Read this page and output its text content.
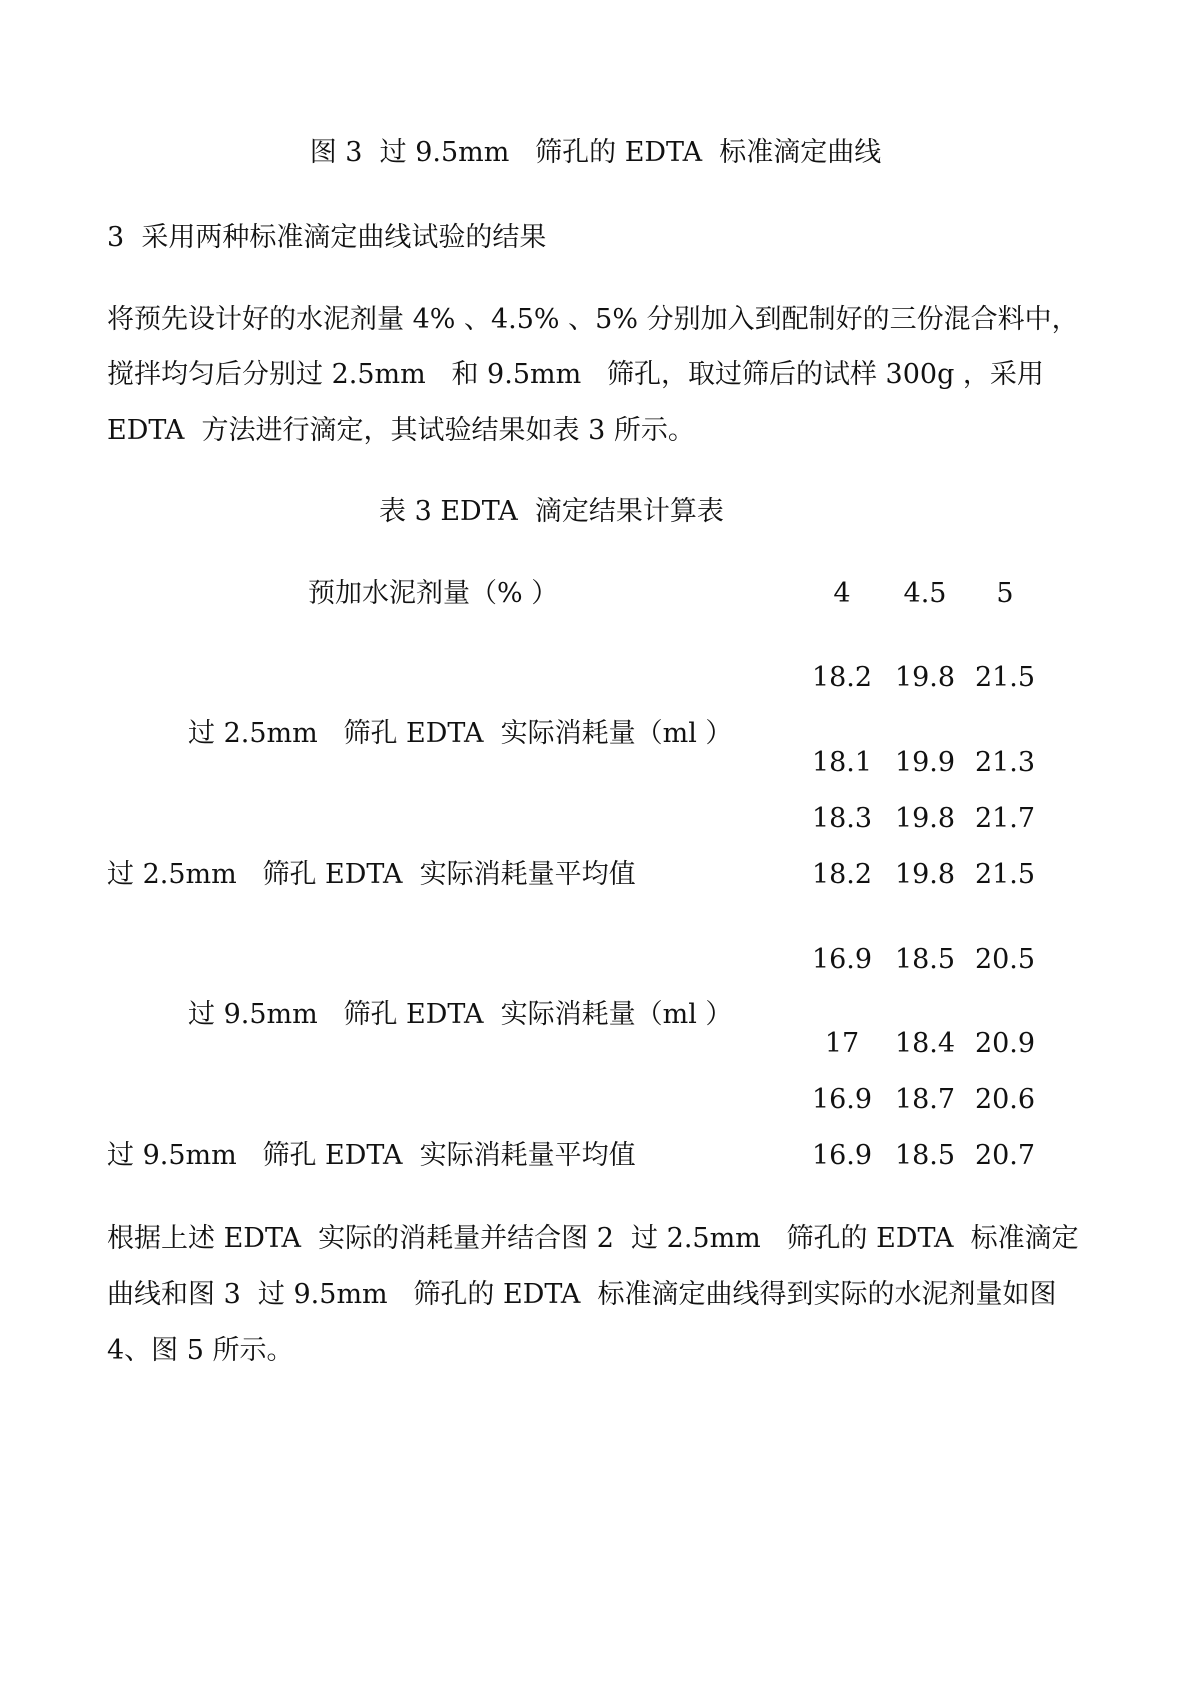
图 3  过 9.5mm   筛孔的 EDTA  标准滴定曲线
3  采用两种标准滴定曲线试验的结果
将预先设计好的水泥剂量 4% 、4.5% 、5% 分别加入到配制好的三份混合料中，
搅拌均匀后分别过 2.5mm   和 9.5mm   筛孔，取过筛后的试样 300g ，采用
EDTA  方法进行滴定，其试验结果如表 3 所示。
表 3 EDTA  滴定结果计算表
预加水泥剂量（% ）	4	4.5	5
过 2.5mm   筛孔 EDTA  实际消耗量（ml ）
18.2 19.8 21.5
18.1 19.9 21.3
18.3 19.8 21.7
过 2.5mm   筛孔 EDTA  实际消耗量平均值	18.2 19.8 21.5
过 9.5mm   筛孔 EDTA  实际消耗量（ml ）
16.9 18.5 20.5
17	18.4 20.9
16.9 18.7 20.6
过 9.5mm   筛孔 EDTA  实际消耗量平均值	16.9 18.5 20.7
根据上述 EDTA  实际的消耗量并结合图 2  过 2.5mm   筛孔的 EDTA  标准滴定
曲线和图 3  过 9.5mm   筛孔的 EDTA  标准滴定曲线得到实际的水泥剂量如图
4、图 5 所示。
